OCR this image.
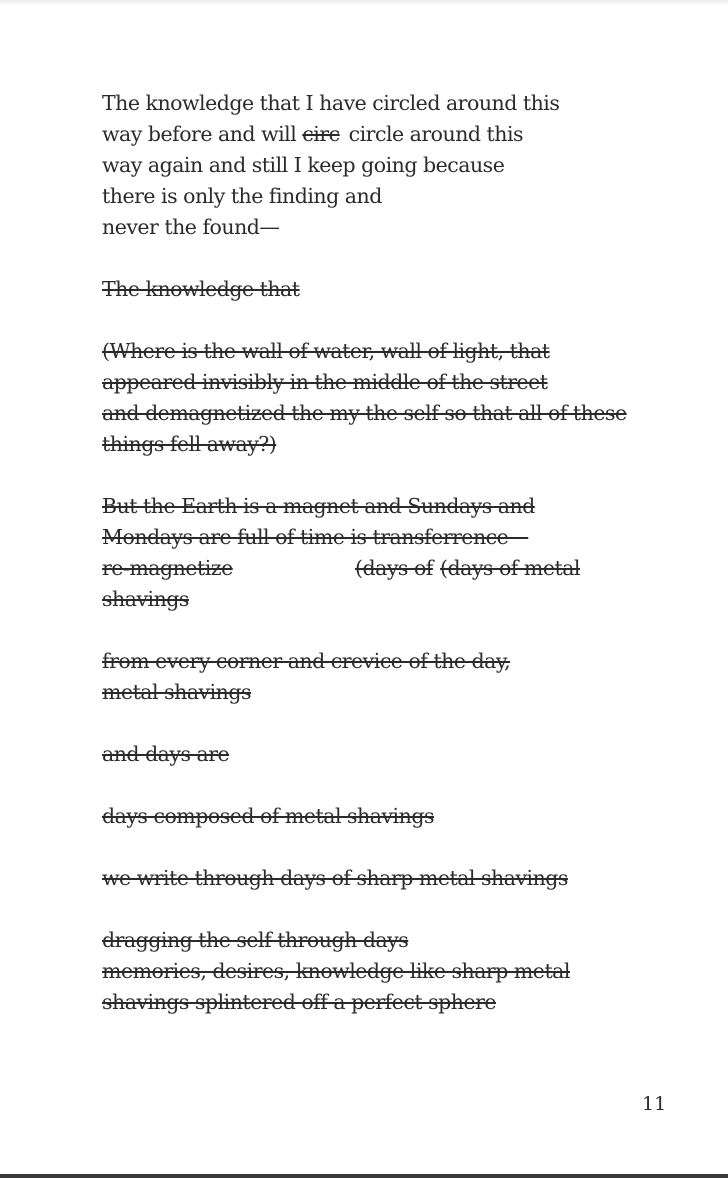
The knowledge that I have circled around this
way before and will circ circle around this
way again and still I keep going because
there is only the finding and
never the found—
The knowledge that
(Where is the wall of water, wall of light, that
appeared invisibly in the middle of the street
and demagnetized the my the self so that all of these
things fell away?)
But the Earth is a magnet and Sundays and
Mondays are full of time is transferrence—
re-magnetize	(days of (days of metal
shavings
from every corner and crevice of the day,
metal shavings
and days are
days composed of metal shavings
we write through days of sharp metal shavings
dragging the self through days
memories, desires, knowledge like sharp metal
shavings splintered off a perfect sphere
11
